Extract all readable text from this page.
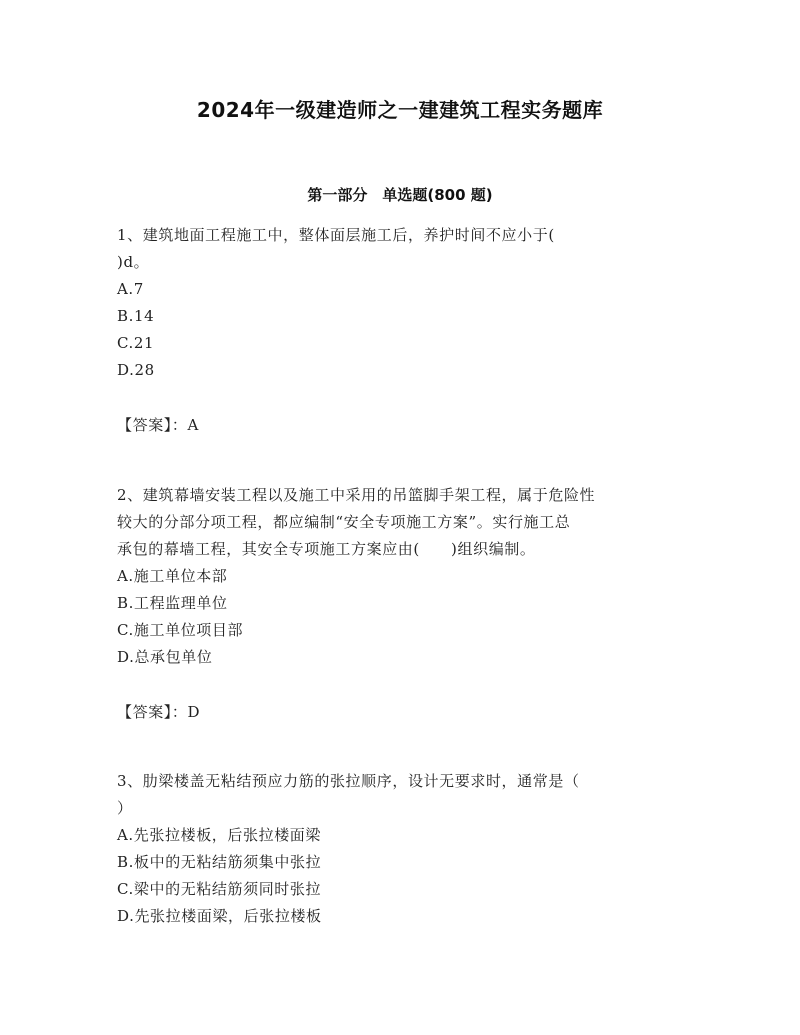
2024年一级建造师之一建建筑工程实务题库
第一部分　单选题(800 题)
1、建筑地面工程施工中，整体面层施工后，养护时间不应小于(
)d。
A.7
B.14
C.21
D.28
【答案】：A
2、建筑幕墙安装工程以及施工中采用的吊篮脚手架工程，属于危险性
较大的分部分项工程，都应编制“安全专项施工方案”。实行施工总
承包的幕墙工程，其安全专项施工方案应由(　　)组织编制。
A.施工单位本部
B.工程监理单位
C.施工单位项目部
D.总承包单位
【答案】：D
3、肋梁楼盖无粘结预应力筋的张拉顺序，设计无要求时，通常是（
）
A.先张拉楼板，后张拉楼面梁
B.板中的无粘结筋须集中张拉
C.梁中的无粘结筋须同时张拉
D.先张拉楼面梁，后张拉楼板
